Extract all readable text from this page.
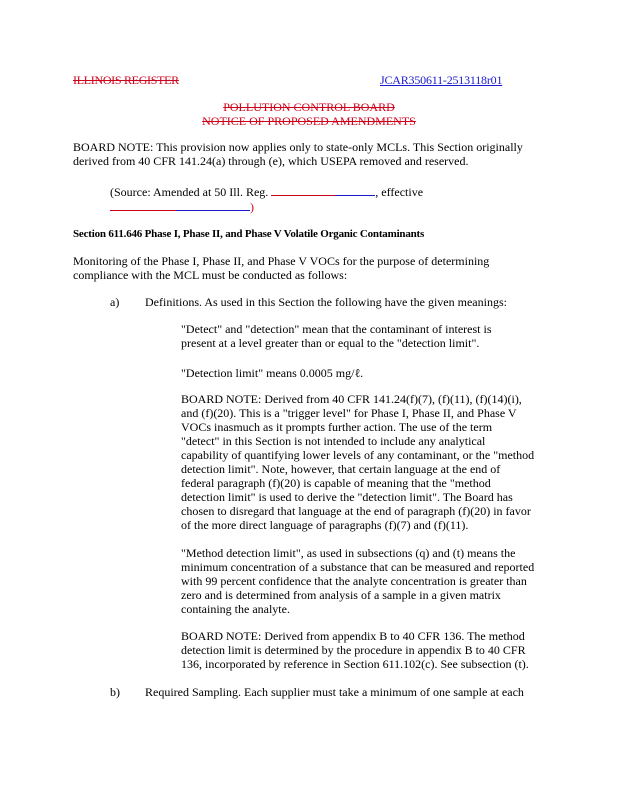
ILLINOIS REGISTER	JCAR350611-2513118r01
POLLUTION CONTROL BOARD
NOTICE OF PROPOSED AMENDMENTS
BOARD NOTE: This provision now applies only to state-only MCLs. This Section originally
derived from 40 CFR 141.24(a) through (e), which USEPA removed and reserved.
(Source: Amended at 50 Ill. Reg.	, effective
)
Section 611.646 Phase I, Phase II, and Phase V Volatile Organic Contaminants
Monitoring of the Phase I, Phase II, and Phase V VOCs for the purpose of determining
compliance with the MCL must be conducted as follows:
a) Definitions. As used in this Section the following have the given meanings:
"Detect" and "detection" mean that the contaminant of interest is
present at a level greater than or equal to the "detection limit".
"Detection limit" means 0.0005 mg/ℓ.
BOARD NOTE: Derived from 40 CFR 141.24(f)(7), (f)(11), (f)(14)(i),
and (f)(20). This is a "trigger level" for Phase I, Phase II, and Phase V
VOCs inasmuch as it prompts further action. The use of the term
"detect" in this Section is not intended to include any analytical
capability of quantifying lower levels of any contaminant, or the "method
detection limit". Note, however, that certain language at the end of
federal paragraph (f)(20) is capable of meaning that the "method
detection limit" is used to derive the "detection limit". The Board has
chosen to disregard that language at the end of paragraph (f)(20) in favor
of the more direct language of paragraphs (f)(7) and (f)(11).
"Method detection limit", as used in subsections (q) and (t) means the
minimum concentration of a substance that can be measured and reported
with 99 percent confidence that the analyte concentration is greater than
zero and is determined from analysis of a sample in a given matrix
containing the analyte.
BOARD NOTE: Derived from appendix B to 40 CFR 136. The method
detection limit is determined by the procedure in appendix B to 40 CFR
136, incorporated by reference in Section 611.102(c). See subsection (t).
b) Required Sampling. Each supplier must take a minimum of one sample at each
